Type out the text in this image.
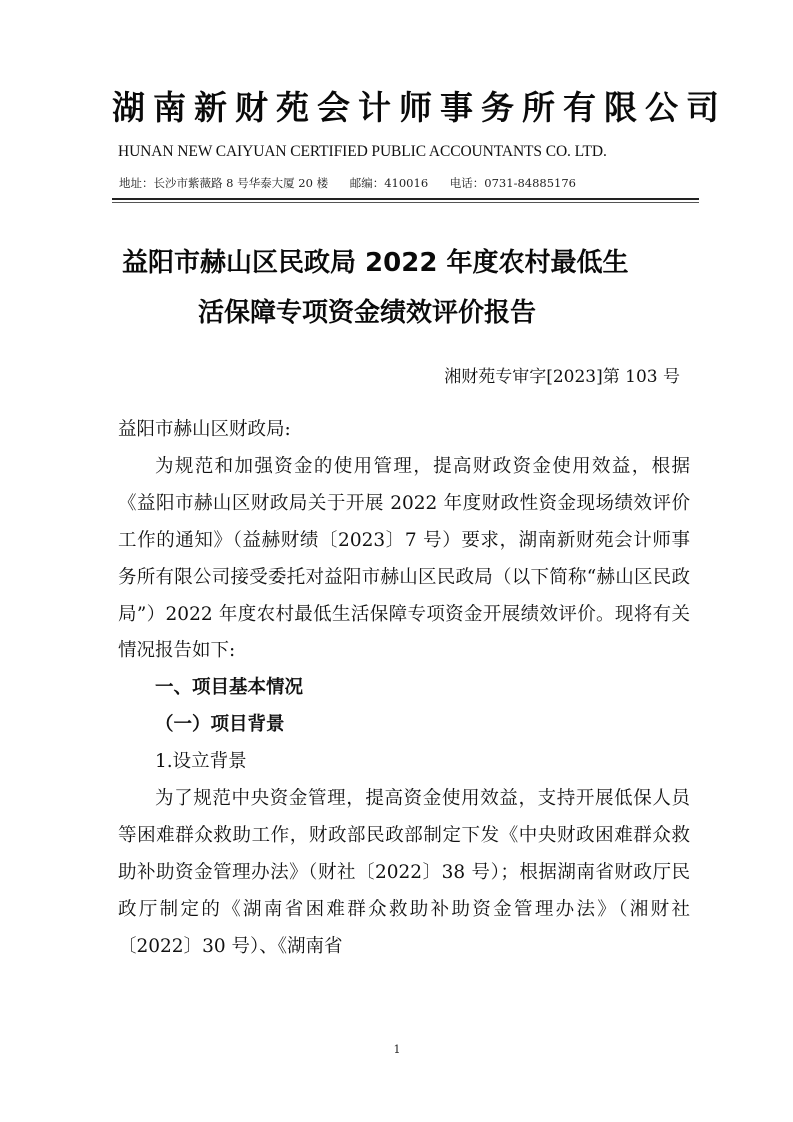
湖南新财苑会计师事务所有限公司
HUNAN NEW CAIYUAN CERTIFIED PUBLIC ACCOUNTANTS CO. LTD.
地址：长沙市紫薇路 8 号华泰大厦 20 楼 邮编：410016 电话：0731-84885176
益阳市赫山区民政局 2022 年度农村最低生
活保障专项资金绩效评价报告
湘财苑专审字[2023]第 103 号

益阳市赫山区财政局:

为规范和加强资金的使用管理，提高财政资金使用效益，根据《益阳市赫山区财政局关于开展 2022 年度财政性资金现场绩效评价工作的通知》（益赫财绩〔2023〕7 号）要求，湖南新财苑会计师事务所有限公司接受委托对益阳市赫山区民政局（以下简称“赫山区民政局”）2022 年度农村最低生活保障专项资金开展绩效评价。现将有关情况报告如下:

一、项目基本情况

（一）项目背景

1.设立背景

为了规范中央资金管理，提高资金使用效益，支持开展低保人员等困难群众救助工作，财政部民政部制定下发《中央财政困难群众救助补助资金管理办法》（财社〔2022〕38 号）；根据湖南省财政厅民政厅制定的《湖南省困难群众救助补助资金管理办法》（湘财社〔2022〕30 号）、《湖南省

1
